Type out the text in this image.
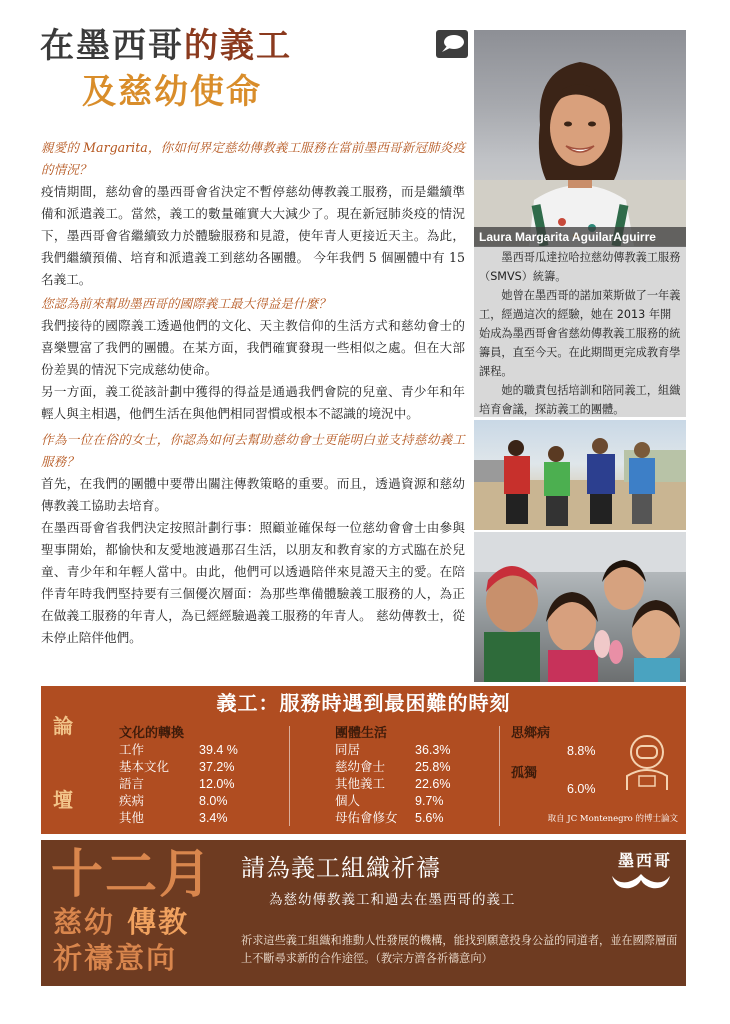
在墨西哥的義工
及慈幼使命
Laura Margarita AguilarAguirre

墨西哥瓜達拉哈拉慈幼傳教義工服務（SMVS）統籌。

她曾在墨西哥的諾加萊斯做了一年義工，經過這次的經驗，她在 2013 年開始成為墨西哥會省慈幼傳教義工服務的統籌員，直至今天。在此期間更完成教育學課程。

她的職責包括培訓和陪同義工，組織培育會議，探訪義工的團體。

親愛的 Margarita，你如何界定慈幼傳教義工服務在當前墨西哥新冠肺炎疫的情況？

疫情期間，慈幼會的墨西哥會省決定不暫停慈幼傳教義工服務，而是繼續準備和派遣義工。當然，義工的數量確實大大減少了。現在新冠肺炎疫的情況下，墨西哥會省繼續致力於體驗服務和見證，使年青人更接近天主。為此，我們繼續預備、培育和派遣義工到慈幼各團體。 今年我們 5 個團體中有 15 名義工。

您認為前來幫助墨西哥的國際義工最大得益是什麼？

我們接待的國際義工透過他們的文化、天主教信仰的生活方式和慈幼會士的喜樂豐富了我們的團體。在某方面，我們確實發現一些相似之處。但在大部份差異的情況下完成慈幼使命。

另一方面，義工從該計劃中獲得的得益是通過我們會院的兒童、青少年和年輕人與主相遇，他們生活在與他們相同習慣或根本不認識的境況中。

作為一位在俗的女士，你認為如何去幫助慈幼會士更能明白並支持慈幼義工服務？

首先，在我們的團體中要帶出關注傳教策略的重要。而且，透過資源和慈幼傳教義工協助去培育。

在墨西哥會省我們決定按照計劃行事：照顧並確保每一位慈幼會會士由參與聖事開始，都愉快和友愛地渡過那召生活，以朋友和教育家的方式臨在於兒童、青少年和年輕人當中。由此，他們可以透過陪伴來見證天主的愛。在陪伴青年時我們堅持要有三個優次層面：為那些準備體驗義工服務的人，為正在做義工服務的年青人，為已經經驗過義工服務的年青人。 慈幼傳教士，從未停止陪伴他們。

義工：服務時遇到最困難的時刻
論
壇
文化的轉換
工作	39.4 %
基本文化 37.2%
語言	12.0%
疾病	8.0%
其他	3.4%
團體生活
同居	36.3%
慈幼會士 25.8%
其他義工 22.6%
個人	9.7%
母佑會修女 5.6%
思鄉病
8.8%
孤獨
6.0%
取自 JC Montenegro 的博士論文
十二月
慈幼 傳教
祈禱意向
請為義工組織祈禱
為慈幼傳教義工和過去在墨西哥的義工
祈求這些義工組織和推動人性發展的機構，能找到願意投身公益的同道者，並在國際層面上不斷尋求新的合作途徑。（教宗方濟各祈禱意向）
墨西哥
